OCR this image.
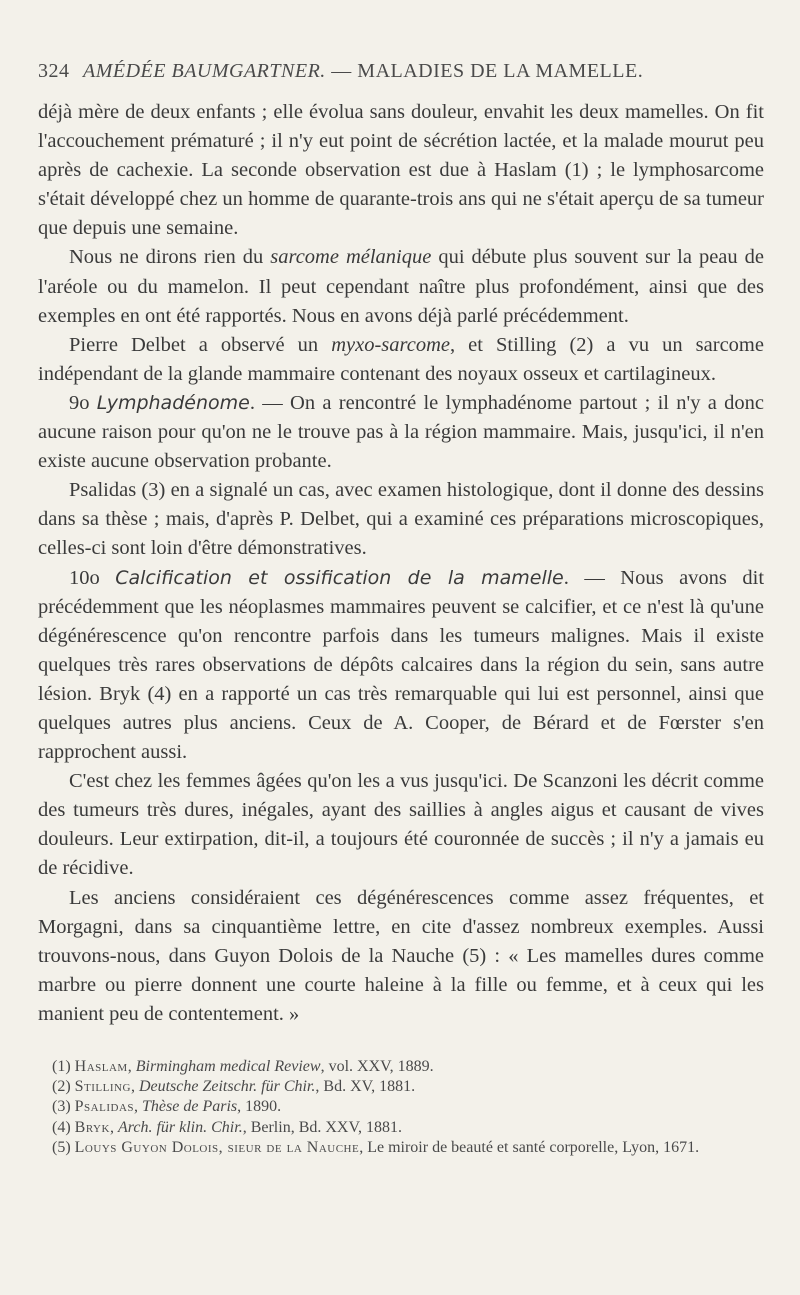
324 AMÉDÉE BAUMGARTNER. — MALADIES DE LA MAMELLE.

déjà mère de deux enfants ; elle évolua sans douleur, envahit les deux mamelles. On fit l'accouchement prématuré ; il n'y eut point de sécrétion lactée, et la malade mourut peu après de cachexie. La seconde observation est due à Haslam (1) ; le lymphosarcome s'était développé chez un homme de quarante-trois ans qui ne s'était aperçu de sa tumeur que depuis une semaine.

Nous ne dirons rien du sarcome mélanique qui débute plus souvent sur la peau de l'aréole ou du mamelon. Il peut cependant naître plus profondément, ainsi que des exemples en ont été rapportés. Nous en avons déjà parlé précédemment.

Pierre Delbet a observé un myxo-sarcome, et Stilling (2) a vu un sarcome indépendant de la glande mammaire contenant des noyaux osseux et cartilagineux.

9o Lymphadénome. — On a rencontré le lymphadénome partout ; il n'y a donc aucune raison pour qu'on ne le trouve pas à la région mammaire. Mais, jusqu'ici, il n'en existe aucune observation probante.

Psalidas (3) en a signalé un cas, avec examen histologique, dont il donne des dessins dans sa thèse ; mais, d'après P. Delbet, qui a examiné ces préparations microscopiques, celles-ci sont loin d'être démonstratives.

10o Calcification et ossification de la mamelle. — Nous avons dit précédemment que les néoplasmes mammaires peuvent se calcifier, et ce n'est là qu'une dégénérescence qu'on rencontre parfois dans les tumeurs malignes. Mais il existe quelques très rares observations de dépôts calcaires dans la région du sein, sans autre lésion. Bryk (4) en a rapporté un cas très remarquable qui lui est personnel, ainsi que quelques autres plus anciens. Ceux de A. Cooper, de Bérard et de Fœrster s'en rapprochent aussi.

C'est chez les femmes âgées qu'on les a vus jusqu'ici. De Scanzoni les décrit comme des tumeurs très dures, inégales, ayant des saillies à angles aigus et causant de vives douleurs. Leur extirpation, dit-il, a toujours été couronnée de succès ; il n'y a jamais eu de récidive.

Les anciens considéraient ces dégénérescences comme assez fréquentes, et Morgagni, dans sa cinquantième lettre, en cite d'assez nombreux exemples. Aussi trouvons-nous, dans Guyon Dolois de la Nauche (5) : « Les mamelles dures comme marbre ou pierre donnent une courte haleine à la fille ou femme, et à ceux qui les manient peu de contentement. »

(1) Haslam, Birmingham medical Review, vol. XXV, 1889.

(2) Stilling, Deutsche Zeitschr. für Chir., Bd. XV, 1881.

(3) Psalidas, Thèse de Paris, 1890.

(4) Bryk, Arch. für klin. Chir., Berlin, Bd. XXV, 1881.

(5) Louys Guyon Dolois, sieur de la Nauche, Le miroir de beauté et santé corporelle, Lyon, 1671.
